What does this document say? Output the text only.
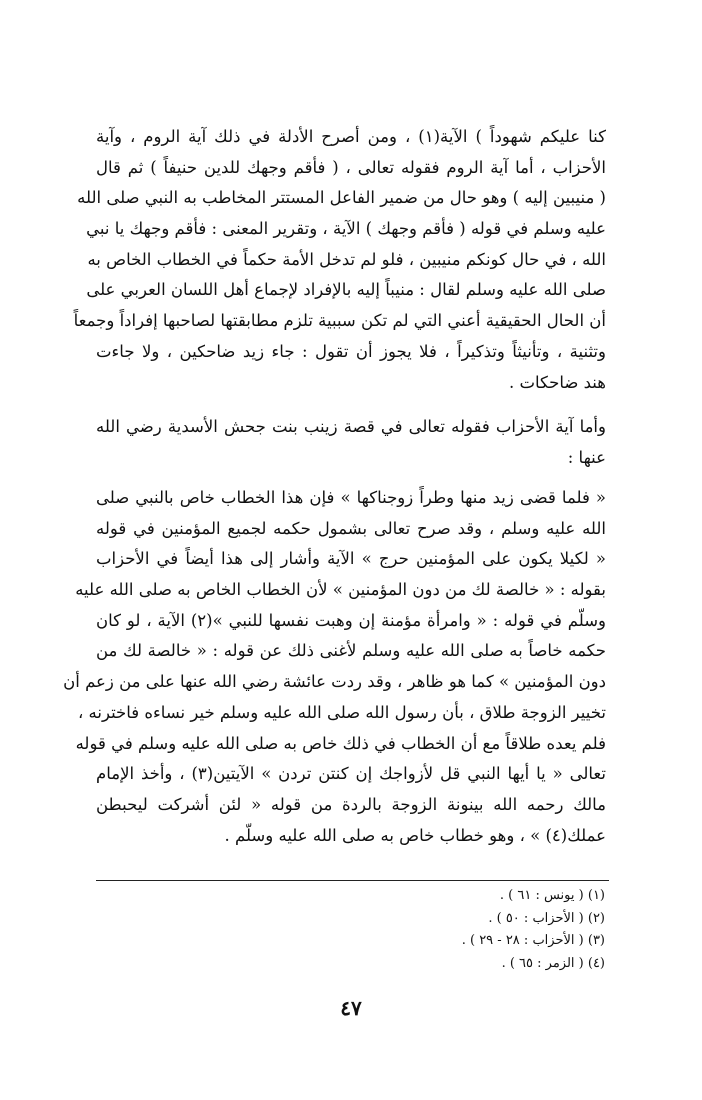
كنا عليكم شهوداً ) الآية(١) ، ومن أصرح الأدلة في ذلك آية الروم ، وآية
الأحزاب ، أما آية الروم فقوله تعالى ، ( فأقم وجهك للدين حنيفاً ) ثم قال
( منيبين إليه ) وهو حال من ضمير الفاعل المستتر المخاطب به النبي صلى الله
عليه وسلم في قوله ( فأقم وجهك ) الآية ، وتقرير المعنى : فأقم وجهك يا نبي
الله ، في حال كونكم منيبين ، فلو لم تدخل الأمة حكماً في الخطاب الخاص به
صلى الله عليه وسلم لقال : منيباً إليه بالإفراد لإجماع أهل اللسان العربي على
أن الحال الحقيقية أعني التي لم تكن سببية تلزم مطابقتها لصاحبها إفراداً وجمعاً
وتثنية ، وتأنيثاً وتذكيراً ، فلا يجوز أن تقول : جاء زيد ضاحكين ، ولا جاءت
هند ضاحكات .
وأما آية الأحزاب فقوله تعالى في قصة زينب بنت جحش الأسدية رضي الله
عنها :
« فلما قضى زيد منها وطراً زوجناكها » فإن هذا الخطاب خاص بالنبي صلى
الله عليه وسلم ، وقد صرح تعالى بشمول حكمه لجميع المؤمنين في قوله
« لكيلا يكون على المؤمنين حرج » الآية وأشار إلى هذا أيضاً في الأحزاب
بقوله : « خالصة لك من دون المؤمنين » لأن الخطاب الخاص به صلى الله عليه
وسلّم في قوله : « وامرأة مؤمنة إن وهبت نفسها للنبي »(٢) الآية ، لو كان
حكمه خاصاً به صلى الله عليه وسلم لأغنى ذلك عن قوله : « خالصة لك من
دون المؤمنين » كما هو ظاهر ، وقد ردت عائشة رضي الله عنها على من زعم أن
تخيير الزوجة طلاق ، بأن رسول الله صلى الله عليه وسلم خير نساءه فاخترنه ،
فلم يعده طلاقاً مع أن الخطاب في ذلك خاص به صلى الله عليه وسلم في قوله
تعالى « يا أيها النبي قل لأزواجك إن كنتن تردن » الآيتين(٣) ، وأخذ الإمام
مالك رحمه الله بينونة الزوجة بالردة من قوله « لئن أشركت ليحبطن
عملك(٤) » ، وهو خطاب خاص به صلى الله عليه وسلّم .
(١) ( يونس : ٦١ ) .
(٢) ( الأحزاب : ٥٠ ) .
(٣) ( الأحزاب : ٢٨ - ٢٩ ) .
(٤) ( الزمر : ٦٥ ) .
٤٧
